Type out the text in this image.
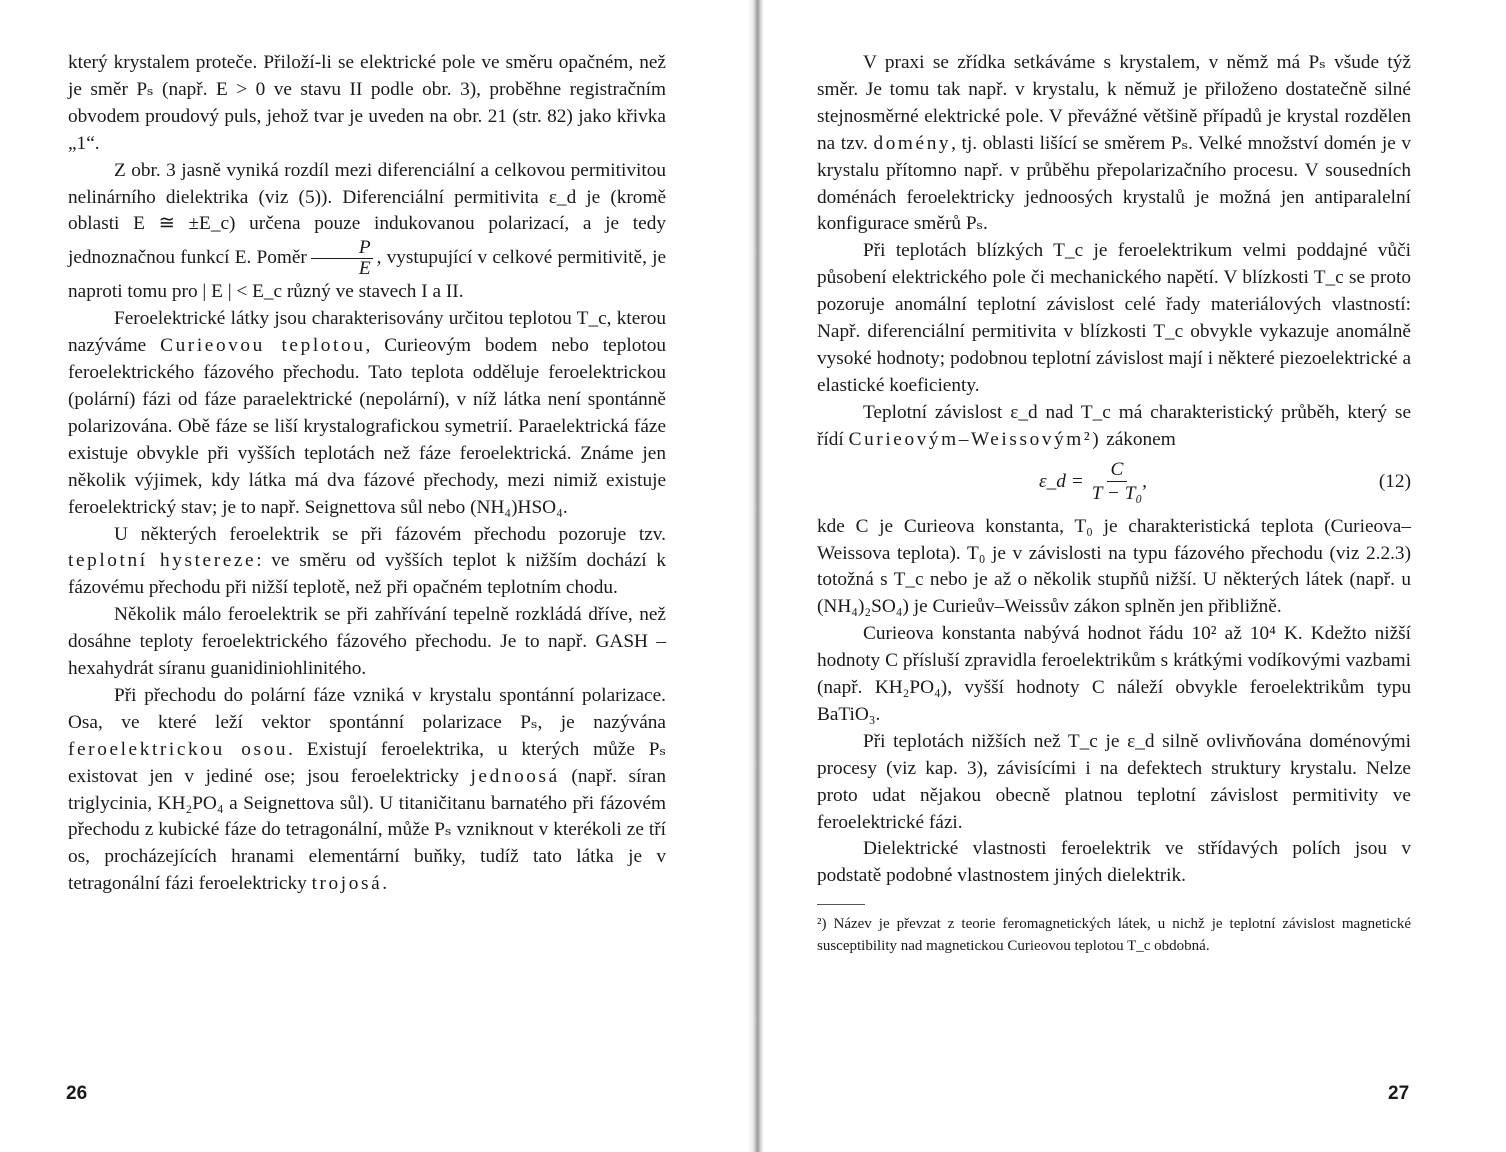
který krystalem proteče. Přiloží-li se elektrické pole ve směru opačném, než je směr Pₛ (např. E > 0 ve stavu II podle obr. 3), proběhne registračním obvodem proudový puls, jehož tvar je uveden na obr. 21 (str. 82) jako křivka „1“.

Z obr. 3 jasně vyniká rozdíl mezi diferenciální a celkovou permitivitou nelinárního dielektrika (viz (5)). Diferenciální permitivita ε_d je (kromě oblasti E ≅ ±E_c) určena pouze indukovanou polarizací, a je tedy jednoznačnou funkcí E. Poměr $\frac{P}{E}$ , vystupující v celkové permitivitě, je naproti tomu pro | E | < E_c různý ve stavech I a II.

Feroelektrické látky jsou charakterisovány určitou teplotou T_c, kterou nazýváme Curieovou teplotou, Curieovým bodem nebo teplotou feroelektrického fázového přechodu. Tato teplota odděluje feroelektrickou (polární) fázi od fáze paraelektrické (nepolární), v níž látka není spontánně polarizována. Obě fáze se liší krystalografickou symetrií. Paraelektrická fáze existuje obvykle při vyšších teplotách než fáze feroelektrická. Známe jen několik výjimek, kdy látka má dva fázové přechody, mezi nimiž existuje feroelektrický stav; je to např. Seignettova sůl nebo (NH₄)HSO₄.

U některých feroelektrik se při fázovém přechodu pozoruje tzv. teplotní hystereze: ve směru od vyšších teplot k nižším dochází k fázovému přechodu při nižší teplotě, než při opačném teplotním chodu.

Několik málo feroelektrik se při zahřívání tepelně rozkládá dříve, než dosáhne teploty feroelektrického fázového přechodu. Je to např. GASH – hexahydrát síranu guanidiniohlinitého.

Při přechodu do polární fáze vzniká v krystalu spontánní polarizace. Osa, ve které leží vektor spontánní polarizace Pₛ, je nazývána feroelektrickou osou. Existují feroelektrika, u kterých může Pₛ existovat jen v jediné ose; jsou feroelektricky jednoosá (např. síran triglycinia, KH₂PO₄ a Seignettova sůl). U titaničitanu barnatého při fázovém přechodu z kubické fáze do tetragonální, může Pₛ vzniknout v kterékoli ze tří os, procházejících hranami elementární buňky, tudíž tato látka je v tetragonální fázi feroelektricky trojosá.

26

V praxi se zřídka setkáváme s krystalem, v němž má Pₛ všude týž směr. Je tomu tak např. v krystalu, k němuž je přiloženo dostatečně silné stejnosměrné elektrické pole. V převážné většině případů je krystal rozdělen na tzv. domény, tj. oblasti lišící se směrem Pₛ. Velké množství domén je v krystalu přítomno např. v průběhu přepolarizačního procesu. V sousedních doménách feroelektricky jednoosých krystalů je možná jen antiparalelní konfigurace směrů Pₛ.

Při teplotách blízkých T_c je feroelektrikum velmi poddajné vůči působení elektrického pole či mechanického napětí. V blízkosti T_c se proto pozoruje anomální teplotní závislost celé řady materiálových vlastností: Např. diferenciální permitivita v blízkosti T_c obvykle vykazuje anomálně vysoké hodnoty; podobnou teplotní závislost mají i některé piezoelektrické a elastické koeficienty.

Teplotní závislost ε_d nad T_c má charakteristický průběh, který se řídí Curieovým–Weissovým²) zákonem

ε_d = $\frac{C}{\text{T − T₀}}$ ,	(12)

kde C je Curieova konstanta, T₀ je charakteristická teplota (Curieova–Weissova teplota). T₀ je v závislosti na typu fázového přechodu (viz 2.2.3) totožná s T_c nebo je až o několik stupňů nižší. U některých látek (např. u (NH₄)₂SO₄) je Curieův–Weissův zákon splněn jen přibližně.

Curieova konstanta nabývá hodnot řádu 10² až 10⁴ K. Kdežto nižší hodnoty C přísluší zpravidla feroelektrikům s krátkými vodíkovými vazbami (např. KH₂PO₄), vyšší hodnoty C náleží obvykle feroelektrikům typu BaTiO₃.

Při teplotách nižších než T_c je ε_d silně ovlivňována doménovými procesy (viz kap. 3), závisícími i na defektech struktury krystalu. Nelze proto udat nějakou obecně platnou teplotní závislost permitivity ve feroelektrické fázi.

Dielektrické vlastnosti feroelektrik ve střídavých polích jsou v podstatě podobné vlastnostem jiných dielektrik.

²) Název je převzat z teorie feromagnetických látek, u nichž je teplotní závislost magnetické susceptibility nad magnetickou Curieovou teplotou T_c obdobná.
27
